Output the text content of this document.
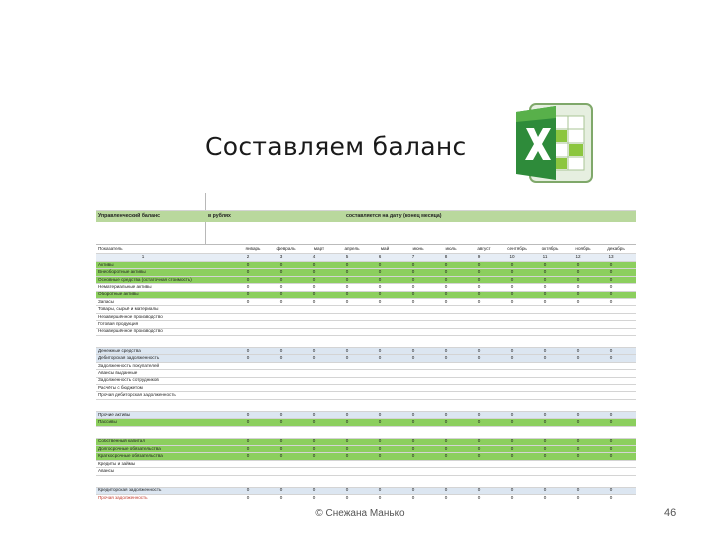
Составляем баланс
Управленческий баланс	в рублях	составляется на дату (конец месяца)
Показатель	январь	февраль	март	апрель	май	июнь	июль	август	сентябрь	октябрь	ноябрь	декабрь
1	2	3	4	5	6	7	8	9	10	11	12	13
Активы	0	0	0	0	0	0	0	0	0	0	0	0
Внеоборотные активы	0	0	0	0	0	0	0	0	0	0	0	0
Основные средства (остаточная стоимость)	0	0	0	0	0	0	0	0	0	0	0	0
Нематериальные активы	0	0	0	0	0	0	0	0	0	0	0	0
Оборотные активы	0	0	0	0	0	0	0	0	0	0	0	0
Запасы	0	0	0	0	0	0	0	0	0	0	0	0
Товары, сырьё и материалы
Незавершённое производство
Готовая продукция
Незавершённое производство
Денежные средства	0	0	0	0	0	0	0	0	0	0	0	0
Дебиторская задолженность	0	0	0	0	0	0	0	0	0	0	0	0
Задолженность покупателей
Авансы выданные
Задолженность сотрудников
Расчёты с бюджетом
Прочая дебиторская задолженность
Прочие активы	0	0	0	0	0	0	0	0	0	0	0	0
Пассивы	0	0	0	0	0	0	0	0	0	0	0	0
Собственный капитал	0	0	0	0	0	0	0	0	0	0	0	0
Долгосрочные обязательства	0	0	0	0	0	0	0	0	0	0	0	0
Краткосрочные обязательства	0	0	0	0	0	0	0	0	0	0	0	0
Кредиты и займы
Авансы
Кредиторская задолженность	0	0	0	0	0	0	0	0	0	0	0	0
Прочая задолженность	0	0	0	0	0	0	0	0	0	0	0	0
© Снежана Манько	46
